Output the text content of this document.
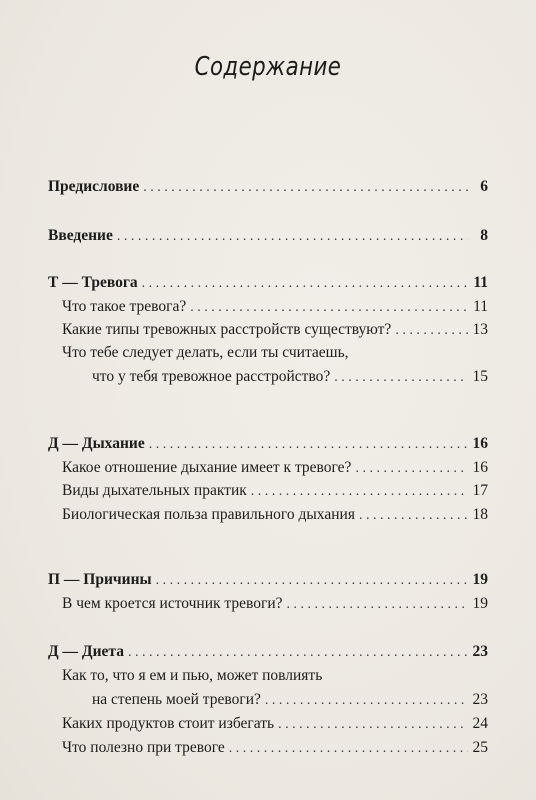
Содержание
Предисловие . . .	6
Введение . . .	8
Т — Тревога . . .	11
Что такое тревога? . . .	11
Какие типы тревожных расстройств существуют? . . .	13
Что тебе следует делать, если ты считаешь,
что у тебя тревожное расстройство? . . .	15
Д — Дыхание . . .	16
Какое отношение дыхание имеет к тревоге? . . .	16
Виды дыхательных практик . . .	17
Биологическая польза правильного дыхания . . .	18
П — Причины . . .	19
В чем кроется источник тревоги? . . .	19
Д — Диета . . .	23
Как то, что я ем и пью, может повлиять
на степень моей тревоги? . . .	23
Каких продуктов стоит избегать . . .	24
Что полезно при тревоге . . .	25
